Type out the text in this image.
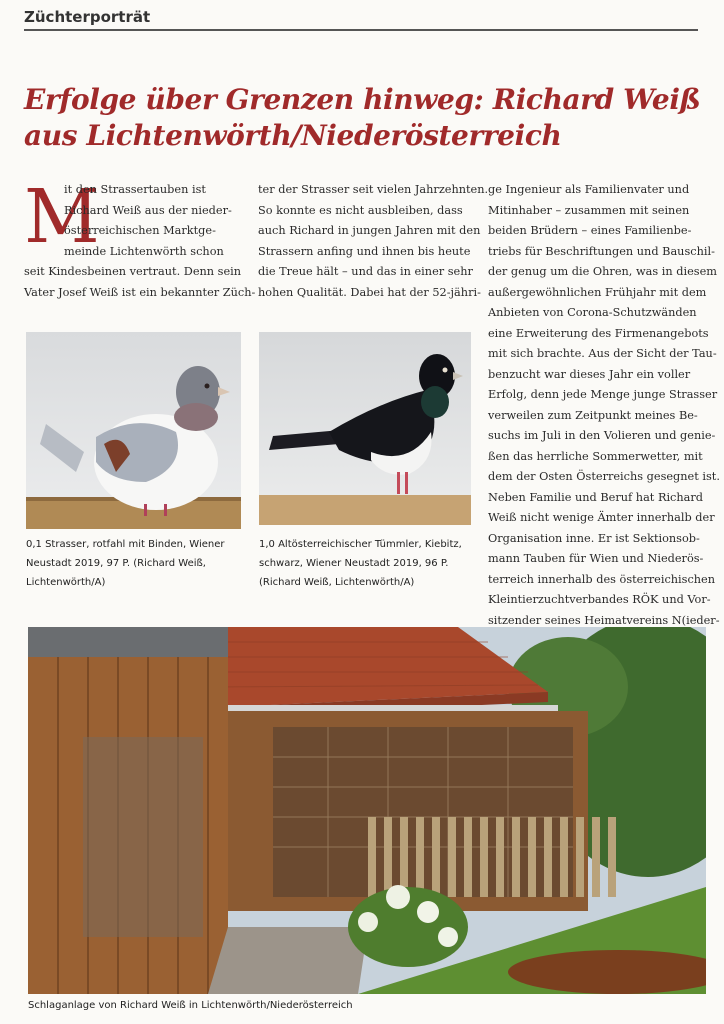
Züchterporträt
Erfolge über Grenzen hinweg: Richard Weiß
aus Lichtenwörth/Niederösterreich
M
it den Strassertauben ist
Richard Weiß aus der nieder-
österreichischen Marktge-
meinde Lichtenwörth schon
seit Kindesbeinen vertraut. Denn sein
Vater Josef Weiß ist ein bekannter Züch-
ter der Strasser seit vielen Jahrzehnten.
So konnte es nicht ausbleiben, dass
auch Richard in jungen Jahren mit den
Strassern anfing und ihnen bis heute
die Treue hält – und das in einer sehr
hohen Qualität. Dabei hat der 52-jähri-
ge Ingenieur als Familienvater und
Mitinhaber – zusammen mit seinen
beiden Brüdern – eines Familienbe-
triebs für Beschriftungen und Bauschil-
der genug um die Ohren, was in diesem
außergewöhnlichen Frühjahr mit dem
Anbieten von Corona-Schutzwänden
eine Erweiterung des Firmenangebots
mit sich brachte. Aus der Sicht der Tau-
benzucht war dieses Jahr ein voller
Erfolg, denn jede Menge junge Strasser
verweilen zum Zeitpunkt meines Be-
suchs im Juli in den Volieren und genie-
ßen das herrliche Sommerwetter, mit
dem der Osten Österreichs gesegnet ist.
Neben Familie und Beruf hat Richard
Weiß nicht wenige Ämter innerhalb der
Organisation inne. Er ist Sektionsob-
mann Tauben für Wien und Niederös-
terreich innerhalb des österreichischen
Kleintierzuchtverbandes RÖK und Vor-
sitzender seines Heimatvereins N(ieder-
0,1 Strasser, rotfahl mit Binden, Wiener
Neustadt 2019, 97 P. (Richard Weiß,
Lichtenwörth/A)
1,0 Altösterreichischer Tümmler, Kiebitz,
schwarz, Wiener Neustadt 2019, 96 P.
(Richard Weiß, Lichtenwörth/A)
Schlaganlage von Richard Weiß in Lichtenwörth/Niederösterreich
